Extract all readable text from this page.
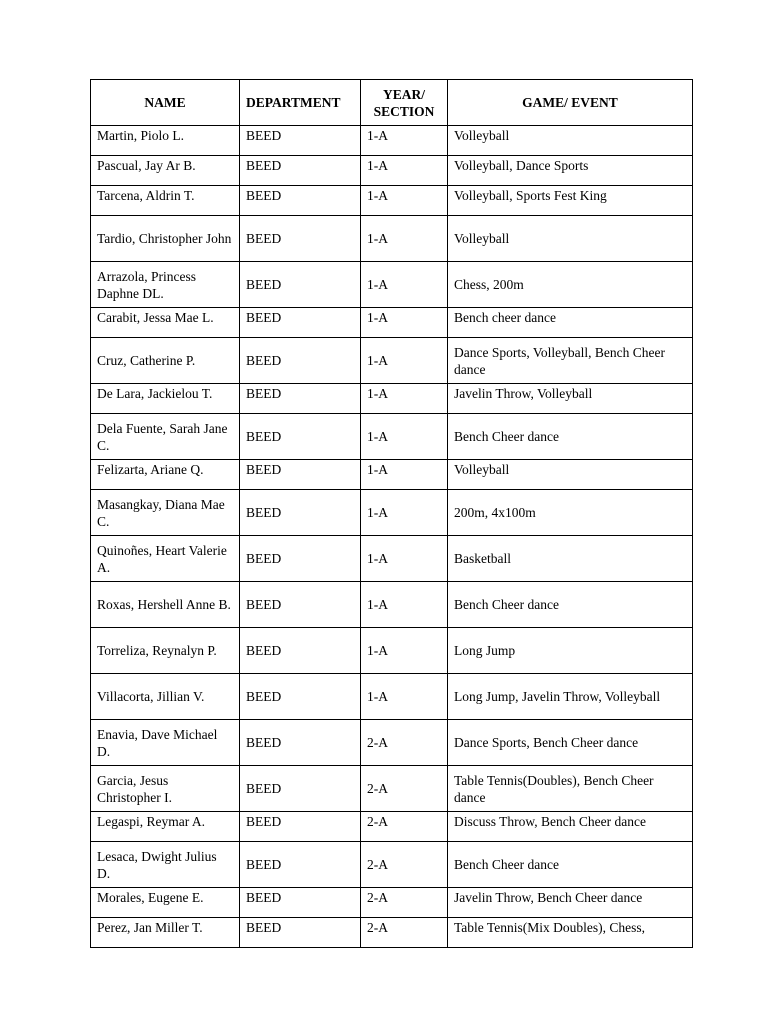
NAME	DEPARTMENT	YEAR/ SECTION	GAME/ EVENT
Martin, Piolo L.	BEED	1-A	Volleyball
Pascual, Jay Ar B.	BEED	1-A	Volleyball, Dance Sports
Tarcena, Aldrin T.	BEED	1-A	Volleyball, Sports Fest King
Tardio, Christopher John	BEED	1-A	Volleyball
Arrazola, Princess Daphne DL.	BEED	1-A	Chess, 200m
Carabit, Jessa Mae L.	BEED	1-A	Bench cheer dance
Cruz, Catherine P.	BEED	1-A	Dance Sports, Volleyball, Bench Cheer dance
De Lara, Jackielou T.	BEED	1-A	Javelin Throw, Volleyball
Dela Fuente, Sarah Jane C.	BEED	1-A	Bench Cheer dance
Felizarta, Ariane Q.	BEED	1-A	Volleyball
Masangkay, Diana Mae C.	BEED	1-A	200m, 4x100m
Quinoñes, Heart Valerie A.	BEED	1-A	Basketball
Roxas, Hershell Anne B.	BEED	1-A	Bench Cheer dance
Torreliza, Reynalyn P.	BEED	1-A	Long Jump
Villacorta, Jillian V.	BEED	1-A	Long Jump, Javelin Throw, Volleyball
Enavia, Dave Michael D.	BEED	2-A	Dance Sports, Bench Cheer dance
Garcia, Jesus Christopher I.	BEED	2-A	Table Tennis(Doubles), Bench Cheer dance
Legaspi, Reymar A.	BEED	2-A	Discuss Throw, Bench Cheer dance
Lesaca, Dwight Julius D.	BEED	2-A	Bench Cheer dance
Morales, Eugene E.	BEED	2-A	Javelin Throw, Bench Cheer dance
Perez, Jan Miller T.	BEED	2-A	Table Tennis(Mix Doubles), Chess,
